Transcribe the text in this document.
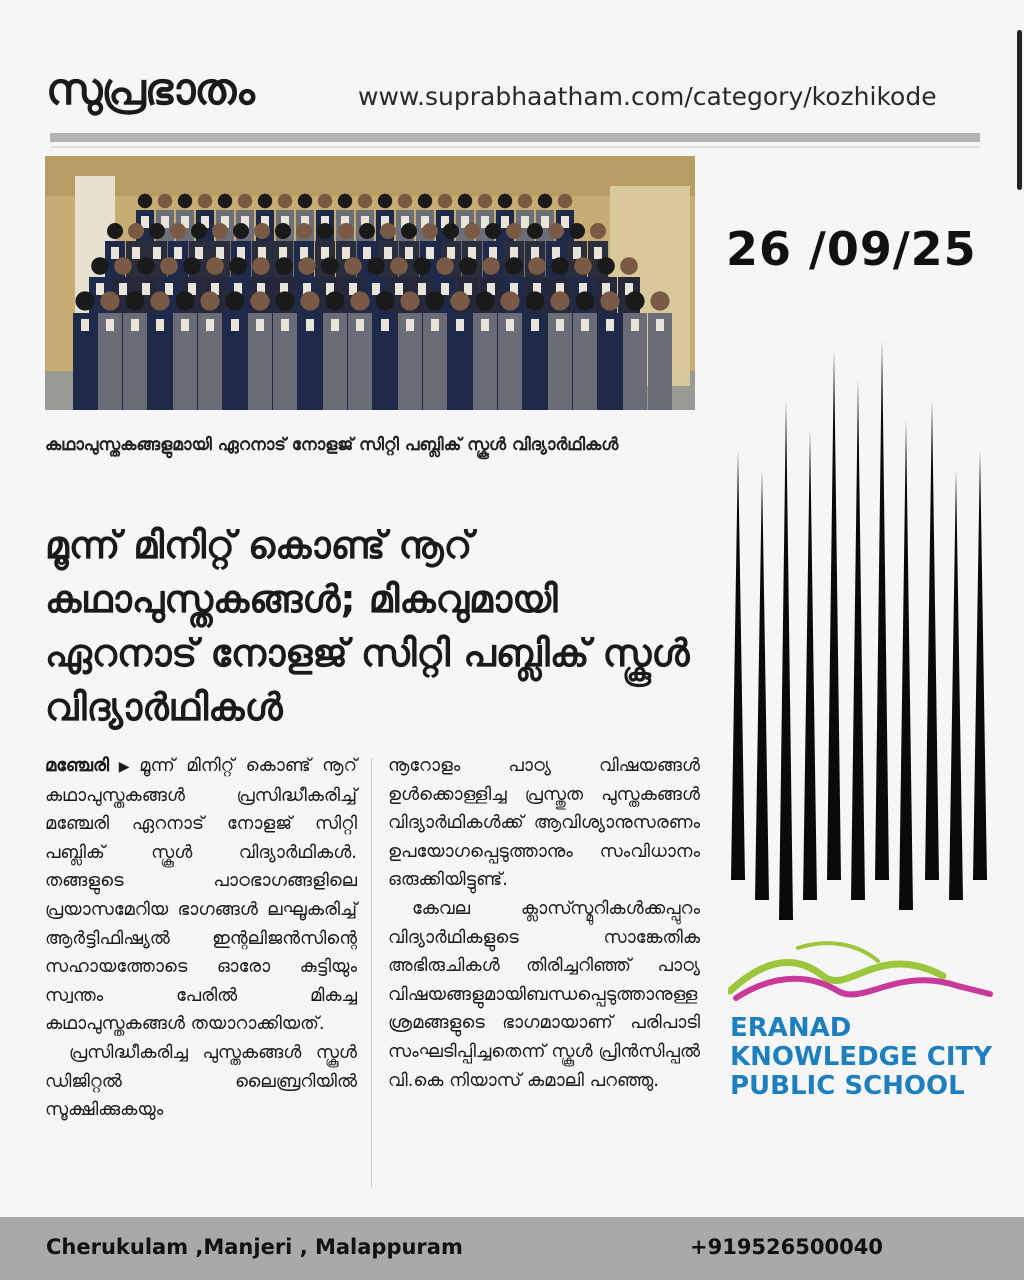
സുപ്രഭാതം	www.suprabhaatham.com/category/kozhikode
26 /09/25
കഥാപുസ്തകങ്ങളുമായി ഏറനാട് നോളജ് സിറ്റി പബ്ലിക് സ്കൂൾ വിദ്യാർഥികൾ
മൂന്ന് മിനിറ്റ് കൊണ്ട് നൂറ് കഥാപുസ്തകങ്ങൾ; മികവുമായി ഏറനാട് നോളജ് സിറ്റി പബ്ലിക് സ്കൂൾ വിദ്യാർഥികൾ

മഞ്ചേരി ▶ മൂന്ന് മിനിറ്റ് കൊണ്ട് നൂറ് കഥാപുസ്തകങ്ങൾ പ്രസിദ്ധീകരിച്ച് മഞ്ചേരി ഏറനാട് നോളജ് സിറ്റി പബ്ലിക് സ്കൂൾ വിദ്യാർഥികൾ. തങ്ങളുടെ പാഠഭാഗങ്ങളിലെ പ്രയാസമേറിയ ഭാഗങ്ങൾ ലഘൂകരിച്ച് ആർട്ടിഫിഷ്യൽ ഇന്റലിജൻസിന്റെ സഹായത്തോടെ ഓരോ കുട്ടിയും സ്വന്തം പേരിൽ മികച്ച കഥാപുസ്തകങ്ങൾ തയാറാക്കിയത്.

പ്രസിദ്ധീകരിച്ച പുസ്തകങ്ങൾ സ്കൂൾ ഡിജിറ്റൽ ലൈബ്രറിയിൽ സൂക്ഷിക്കുകയും

നൂറോളം പാഠ്യ വിഷയങ്ങൾ ഉൾക്കൊള്ളിച്ച പ്രസ്തുത പുസ്തകങ്ങൾ വിദ്യാർഥികൾക്ക് ആവിശ്യാനുസരണം ഉപയോഗപ്പെടുത്താനും സംവിധാനം ഒരുക്കിയിട്ടുണ്ട്.

കേവല ക്ലാസ്സ്മുറികൾക്കപ്പുറം വിദ്യാർഥികളുടെ സാങ്കേതിക അഭിരുചികൾ തിരിച്ചറിഞ്ഞ് പാഠ്യ വിഷയങ്ങളുമായിബന്ധപ്പെടുത്താനുള്ള ശ്രമങ്ങളുടെ ഭാഗമായാണ് പരിപാടി സംഘടിപ്പിച്ചതെന്ന് സ്കൂൾ പ്രിൻസിപ്പൽ വി.കെ നിയാസ് കമാലി പറഞ്ഞു.

ERANAD
KNOWLEDGE CITY
PUBLIC SCHOOL
Cherukulam ,Manjeri , Malappuram	+919526500040
